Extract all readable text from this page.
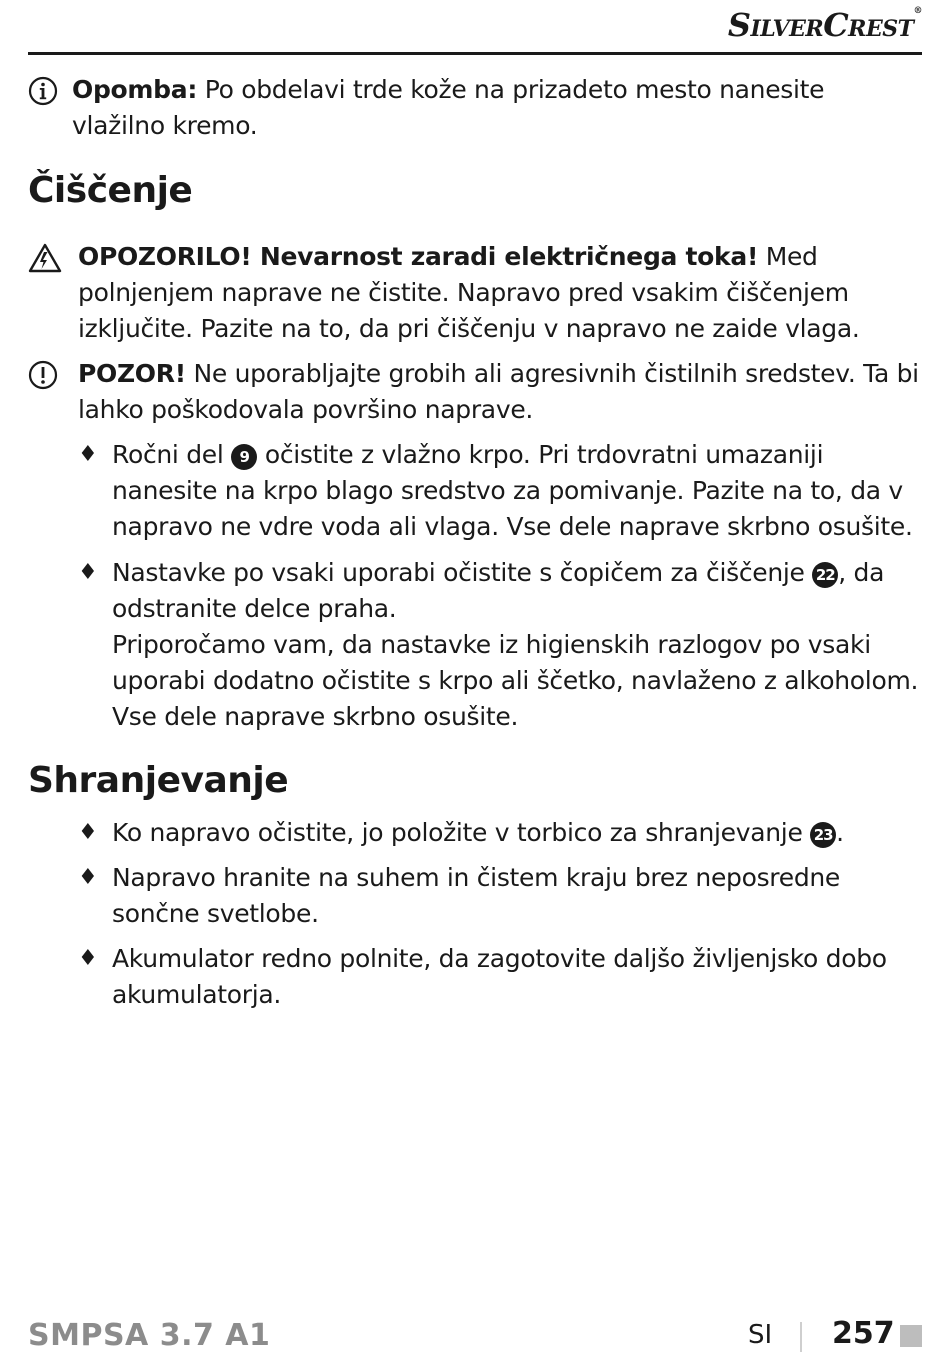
SilverCrest®
Opomba: Po obdelavi trde kože na prizadeto mesto nanesite vlažilno kremo.
Čiščenje
OPOZORILO! Nevarnost zaradi električnega toka! Med polnjenjem naprave ne čistite. Napravo pred vsakim čiščenjem izključite. Pazite na to, da pri čiščenju v napravo ne zaide vlaga.
POZOR! Ne uporabljajte grobih ali agresivnih čistilnih sredstev. Ta bi lahko poškodovala površino naprave.
♦ Ročni del 9 očistite z vlažno krpo. Pri trdovratni umazaniji nanesite na krpo blago sredstvo za pomivanje. Pazite na to, da v napravo ne vdre voda ali vlaga. Vse dele naprave skrbno osušite.
♦ Nastavke po vsaki uporabi očistite s čopičem za čiščenje 22 , da odstranite delce praha.
Priporočamo vam, da nastavke iz higienskih razlogov po vsaki uporabi dodatno očistite s krpo ali ščetko, navlaženo z alkoholom. Vse dele naprave skrbno osušite.
Shranjevanje
♦ Ko napravo očistite, jo položite v torbico za shranjevanje 23 .
♦ Napravo hranite na suhem in čistem kraju brez neposredne sončne svetlobe.
♦ Akumulator redno polnite, da zagotovite daljšo življenjsko dobo akumulatorja.
SMPSA 3.7 A1	SI 257
